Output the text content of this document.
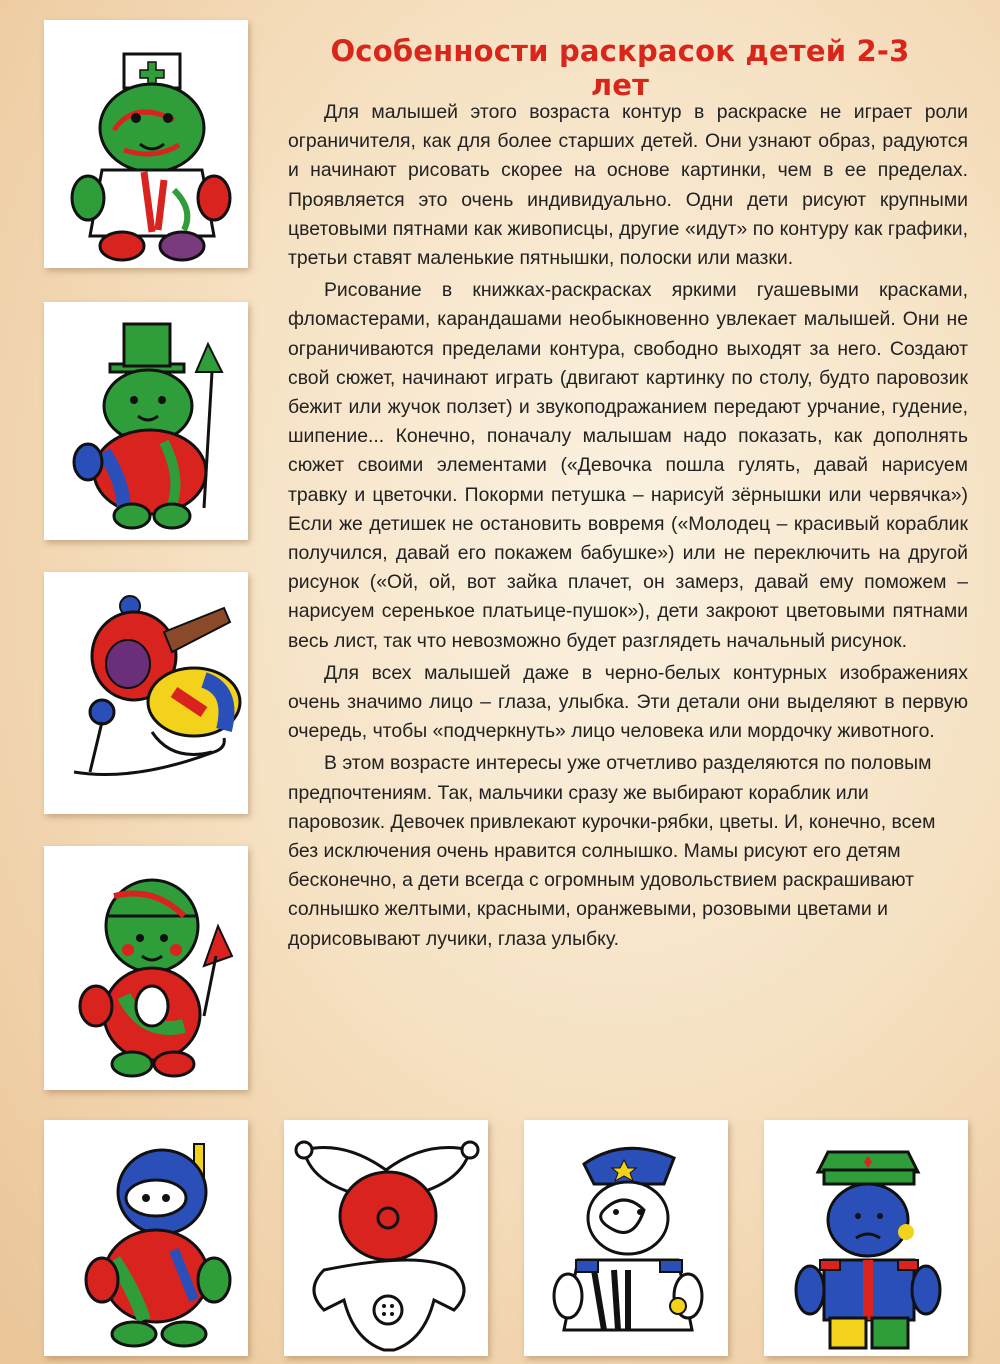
Особенности раскрасок детей 2-3 лет

Для малышей этого возраста контур в раскраске не играет роли ограничителя, как для более старших детей. Они узнают образ, радуются и начинают рисовать скорее на основе картинки, чем в ее пределах. Проявляется это очень индивидуально. Одни дети рисуют крупными цветовыми пятнами как живописцы, другие «идут» по контуру как графики, третьи ставят маленькие пятнышки, полоски или мазки.

Рисование в книжках-раскрасках яркими гуашевыми красками, фломастерами, карандашами необыкновенно увлекает малышей. Они не ограничиваются пределами контура, свободно выходят за него. Создают свой сюжет, начинают играть (двигают картинку по столу, будто паровозик бежит или жучок ползет) и звукоподражанием передают урчание, гудение, шипение... Конечно, поначалу малышам надо показать, как дополнять сюжет своими элементами («Девочка пошла гулять, давай нарисуем травку и цветочки. Покорми петушка – нарисуй зёрнышки или червячка») Если же детишек не остановить вовремя («Молодец – красивый кораблик получился, давай его покажем бабушке») или не переключить на другой рисунок («Ой, ой, вот зайка плачет, он замерз, давай ему поможем – нарисуем серенькое платьице-пушок»), дети закроют цветовыми пятнами весь лист, так что невозможно будет разглядеть начальный рисунок.

Для всех малышей даже в черно-белых контурных изображениях очень значимо лицо – глаза, улыбка. Эти детали они выделяют в первую очередь, чтобы «подчеркнуть» лицо человека или мордочку животного.

В этом возрасте интересы уже отчетливо разделяются по половым предпочтениям. Так, мальчики сразу же выбирают кораблик или паровозик. Девочек привлекают курочки-рябки, цветы. И, конечно, всем без исключения очень нравится солнышко. Мамы рисуют его детям бесконечно, а дети всегда с огромным удовольствием раскрашивают солнышко желтыми, красными, оранжевыми, розовыми цветами и дорисовывают лучики, глаза улыбку.
